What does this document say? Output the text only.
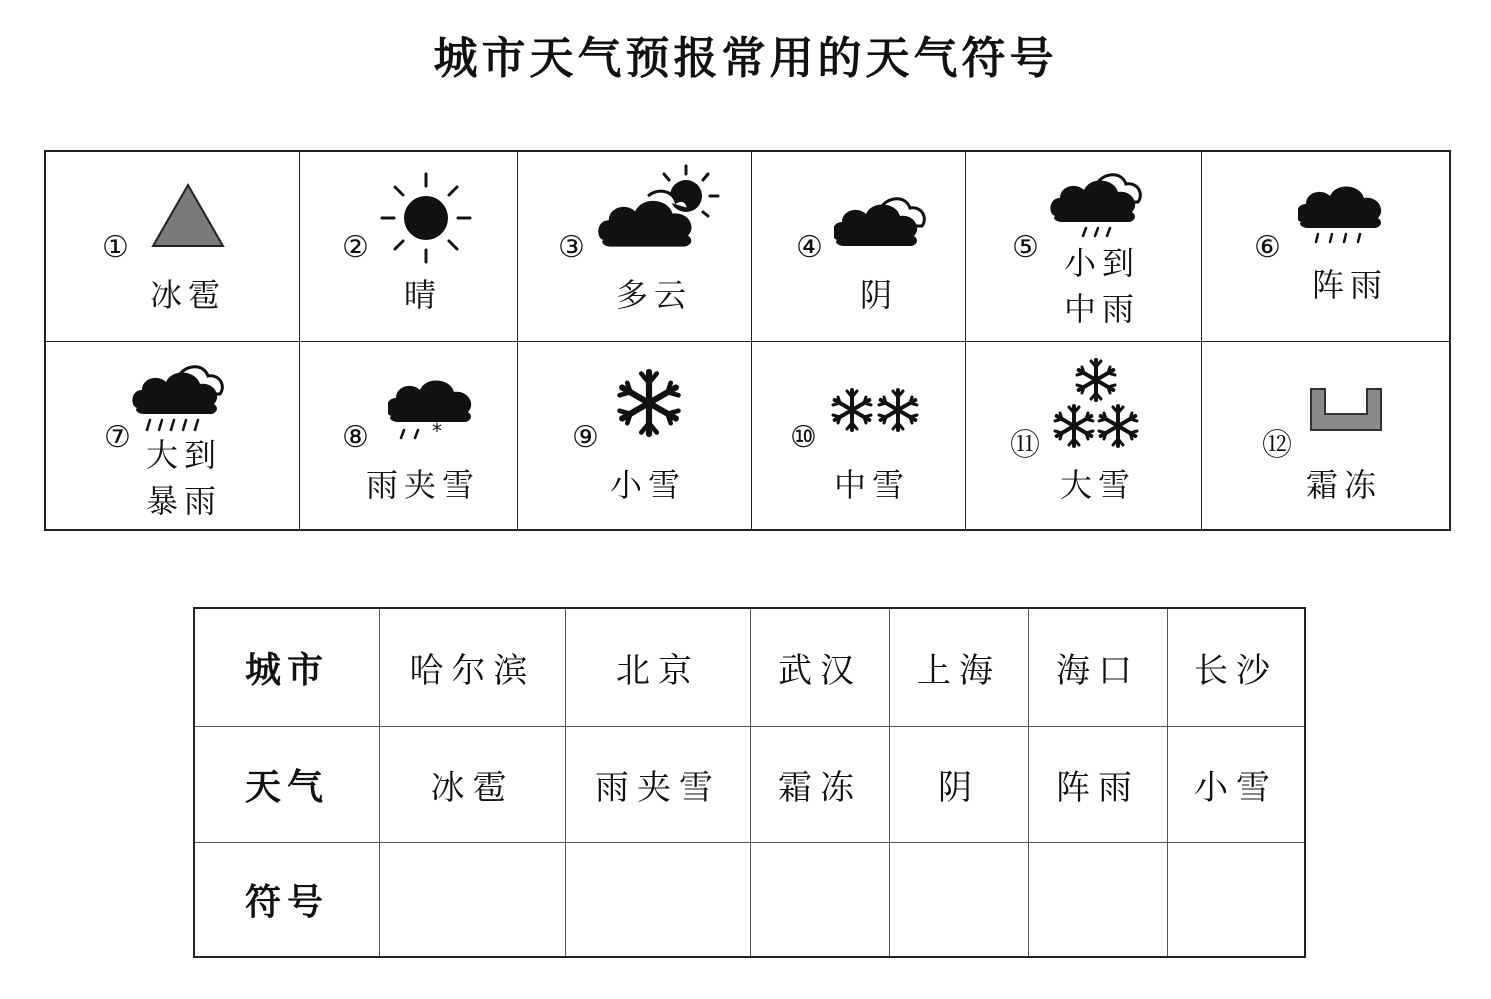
城市天气预报常用的天气符号
①
冰雹
②
晴
③
多云
④
阴
⑤ 小到
中雨
⑥
阵雨
⑦ 大到
暴雨
⑧	*
雨夹雪
⑨
小雪
⑩
中雪
⑪
大雪
⑫
霜冻
城市	哈尔滨	北京	武汉	上海	海口	长沙
天气	冰雹	雨夹雪	霜冻	阴	阵雨	小雪
符号
